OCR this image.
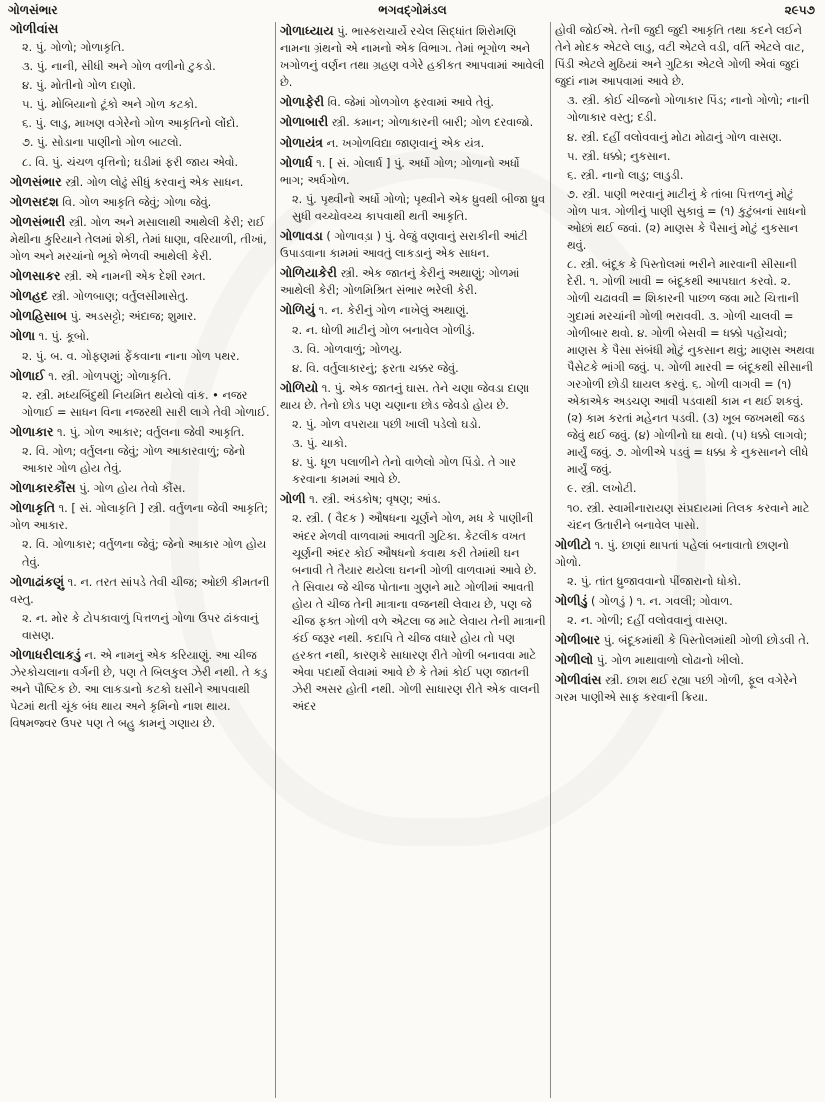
ગોળસંભાર	ભગવદ્ગોમંડલ	૨૯૫૭
ગોળીવાંસ
૨. પું. ગોળો; ગોળાકૃતિ.
૩. પું. નાની, સીધી અને ગોળ વળીનો ટુકડો.
૪. પું. મોતીનો ગોળ દાણો.
૫. પું. મોબિયાનો ટૂંકો અને ગોળ કટકો.
૬. પું. લાડુ, માખણ વગેરેનો ગોળ આકૃતિનો લોંદો.
૭. પું. સોડાના પાણીનો ગોળ બાટલો.
૮. વિ. પું. ચંચળ વૃત્તિનો; ઘડીમાં ફરી જાય એવો.
ગોળસંભાર સ્ત્રી. ગોળ લોઢું સીધું કરવાનું એક સાધન.
ગોળસદશ વિ. ગોળ આકૃતિ જેવું; ગોળા જેવું.
ગોળસંભારી સ્ત્રી. ગોળ અને મસાલાથી આથેલી કેરી; રાઈ મેથીના કુરિયાને તેલમાં શેકી, તેમાં ધાણા, વરિયાળી, તીખાં, ગોળ અને મરચાંનો ભૂકો ભેળવી આથેલી કેરી.
ગોળસાકર સ્ત્રી. એ નામની એક દેશી રમત.
ગોળહદ સ્ત્રી. ગોળબાણ; વર્તુલસીમાસેતુ.
ગોળહિસાબ પું. અડસટ્ટો; અંદાજ; શુમાર.
ગોળા ૧. પું. કૂબો.
૨. પું. બ. વ. ગોફણમાં ફેંકવાના નાના ગોળ પથર.
ગોળાઈ ૧. સ્ત્રી. ગોળપણું; ગોળાકૃતિ.
૨. સ્ત્રી. મધ્યબિંદુથી નિયમિત થયેલો વાંક. • નજર ગોળાઈ = સાધન વિના નજરથી સારી લાગે તેવી ગોળાઈ.
ગોળાકાર ૧. પું. ગોળ આકાર; વર્તુલના જેવી આકૃતિ.
૨. વિ. ગોળ; વર્તુલના જેવું; ગોળ આકારવાળું; જેનો આકાર ગોળ હોય તેવું.
ગોળાકારકૌંસ પું. ગોળ હોય તેવો કૌંસ.
ગોળાકૃતિ ૧. [ સં. ગોલાકૃતિ ] સ્ત્રી. વર્તુળના જેવી આકૃતિ; ગોળ આકાર.
૨. વિ. ગોળાકાર; વર્તુળના જેવું; જેનો આકાર ગોળ હોય તેવું.
ગોળાઢાંકણું ૧. ન. તરત સાંપડે તેવી ચીજ; ઓછી કીમતની વસ્તુ.
૨. ન. મોર કે ટોપકાવાળું પિત્તળનું ગોળા ઉપર ઢાંકવાનું વાસણ.
ગોળાધરીલાકડું ન. એ નામનું એક કરિયાણું. આ ચીજ ઝેરકોચલાના વર્ગની છે, પણ તે બિલકુલ ઝેરી નથી. તે કડુ અને પૌષ્ટિક છે. આ લાકડાનો કટકો ઘસીને આપવાથી પેટમાં થતી ચૂંક બંધ થાય અને કૃમિનો નાશ થાય. વિષમજ્વર ઉપર પણ તે બહુ કામનું ગણાય છે.
ગોળાધ્યાય પું. ભાસ્કરાચાર્યે રચેલ સિદ્ધાંત શિરોમણિ નામના ગ્રંથનો એ નામનો એક વિભાગ. તેમાં ભૂગોળ અને ખગોળનું વર્ણન તથા ગ્રહણ વગેરે હકીકત આપવામાં આવેલી છે.
ગોળાફેરી વિ. જેમાં ગોળગોળ ફરવામાં આવે તેવું.
ગોળાબારી સ્ત્રી. કમાન; ગોળાકારની બારી; ગોળ દરવાજો.
ગોળાયંત્ર ન. ખગોળવિદ્યા જાણવાનું એક યંત્ર.
ગોળાર્ધ ૧. [ સં. ગોલાર્ધ ] પું. અર્ધો ગોળ; ગોળાનો અર્ધો ભાગ; અર્ધગોળ.
૨. પું. પૃથ્વીનો અર્ધો ગોળો; પૃથ્વીને એક ધ્રુવથી બીજા ધ્રુવ સુધી વચ્ચોવચ્ચ કાપવાથી થતી આકૃતિ.
ગોળાવડા ( ગોળાવડ઼ા ) પું. વેજું વણવાનું સરાકીની આંટી ઉપાડવાના કામમાં આવતું લાકડાનું એક સાધન.
ગોળિયાકેરી સ્ત્રી. એક જાતનું કેરીનું અથાણું; ગોળમાં આથેલી કેરી; ગોળમિશ્રિત સંભાર ભરેલી કેરી.
ગોળિયું ૧. ન. કેરીનું ગોળ નાખેલું અથાણું.
૨. ન. ધોળી માટીનું ગોળ બનાવેલ ગોળીડું.
૩. વિ. ગોળવાળું; ગોળયુ.
૪. વિ. વર્તુલાકારનું; ફરતા ચક્કર જેવું.
ગોળિયો ૧. પું. એક જાતનું ઘાસ. તેને ચણા જેવડા દાણા થાય છે. તેનો છોડ પણ ચણાના છોડ જેવડો હોય છે.
૨. પું. ગોળ વપરાયા પછી ખાલી પડેલો ઘડો.
૩. પું. ચાકો.
૪. પું. ધૂળ પલાળીને તેનો વાળેલો ગોળ પિંડો. તે ગાર કરવાના કામમાં આવે છે.
ગોળી ૧. સ્ત્રી. અંડકોષ; વૃષણ; આંડ.
૨. સ્ત્રી. ( વૈદક ) ઔષધના ચૂર્ણને ગોળ, મધ કે પાણીની અંદર મેળવી વાળવામાં આવતી ગુટિકા. કેટલીક વખત ચૂર્ણની અંદર કોઈ ઔષધનો કવાથ કરી તેમાંથી ઘન બનાવી તે તૈયાર થયેલા ઘનની ગોળી વાળવામાં આવે છે. તે સિવાય જે ચીજ પોતાના ગુણને માટે ગોળીમાં આવતી હોય તે ચીજ તેની માત્રાના વજનથી લેવાય છે, પણ જે ચીજ ફક્ત ગોળી વળે એટલા જ માટે લેવાય તેની માત્રાની કંઈ જરૂર નથી. કદાપિ તે ચીજ વધારે હોય તો પણ હરકત નથી, કારણકે સાધારણ રીતે ગોળી બનાવવા માટે એવા પદાર્થો લેવામાં આવે છે કે તેમાં કોઈ પણ જાતની ઝેરી અસર હોતી નથી. ગોળી સાધારણ રીતે એક વાલની અંદર
હોવી જોઈએ. તેની જુદી જુદી આકૃતિ તથા કદને લઈને તેને મોદક એટલે લાડુ, વટી એટલે વડી, વર્તિ એટલે વાટ, પિંડી એટલે મુઠિયાં અને ગુટિકા એટલે ગોળી એવાં જુદાં જુદાં નામ આપવામાં આવે છે.
૩. સ્ત્રી. કોઈ ચીજનો ગોળાકાર પિંડ; નાનો ગોળો; નાની ગોળાકાર વસ્તુ; દડી.
૪. સ્ત્રી. દહીં વલોવવાનું મોટા મોઢાનું ગોળ વાસણ.
૫. સ્ત્રી. ધક્કો; નુકસાન.
૬. સ્ત્રી. નાનો લાડુ; લાડુડી.
૭. સ્ત્રી. પાણી ભરવાનું માટીનું કે તાંબા પિત્તળનું મોટું ગોળ પાત્ર. ગોળીનું પાણી સુકાવું = (૧) કુટુંબનાં સાધનો ઓછાં થઈ જવાં. (૨) માણસ કે પૈસાનું મોટું નુકસાન થવું.
૮. સ્ત્રી. બંદૂક કે પિસ્તોલમાં ભરીને મારવાની સીસાની દેરી. ૧. ગોળી ખાવી = બંદૂકથી આપઘાત કરવો. ૨. ગોળી ચઢાવવી = શિકારની પાછળ જવા માટે ચિત્તાની ગુદામાં મરચાંની ગોળી ભરાવવી. ૩. ગોળી ચાલવી = ગોળીબાર થવો. ૪. ગોળી બેસવી = ધક્કો પહોંચવો; માણસ કે પૈસા સંબંધી મોટું નુકસાન થવું; માણસ અથવા પૈસેટકે ભાંગી જવું. ૫. ગોળી મારવી = બંદૂકથી સીસાની ગરગોળી છોડી ઘાયલ કરવું. ૬. ગોળી વાગવી = (૧) એકાએક અડચણ આવી પડવાથી કામ ન થઈ શકવું. (૨) કામ કરતાં મહેનત પડવી. (૩) ખૂબ જખમથી જડ જેવું થઈ જવું. (૪) ગોળીનો ઘા થવો. (૫) ધક્કો લાગવો; માર્યું જવું. ૭. ગોળીએ પડવું = ધક્કા કે નુકસાનને લીધે માર્યું જવું.
૯. સ્ત્રી. લખોટી.
૧૦. સ્ત્રી. સ્વામીનારાયણ સંપ્રદાયમાં તિલક કરવાને માટે ચંદન ઉતારીને બનાવેલ પાસો.
ગોળીટો ૧. પું. છાણાં થાપતાં પહેલાં બનાવાતો છાણનો ગોળો.
૨. પું. તાંત ધ્રુજાવવાનો પીંજારાનો ધોકો.
ગોળીડું ( ગોળડું ) ૧. ન. ગવલી; ગોવાળ.
૨. ન. ગોળી; દહીં વલોવવાનું વાસણ.
ગોળીબાર પું. બંદૂકમાંથી કે પિસ્તોલમાંથી ગોળી છોડવી તે.
ગોળીલો પું. ગોળ માથાવાળો લોઢાનો ખીલો.
ગોળીવાંસ સ્ત્રી. છાશ થઈ રહ્યા પછી ગોળી, ફૂલ વગેરેને ગરમ પાણીએ સાફ કરવાની ક્રિયા.
